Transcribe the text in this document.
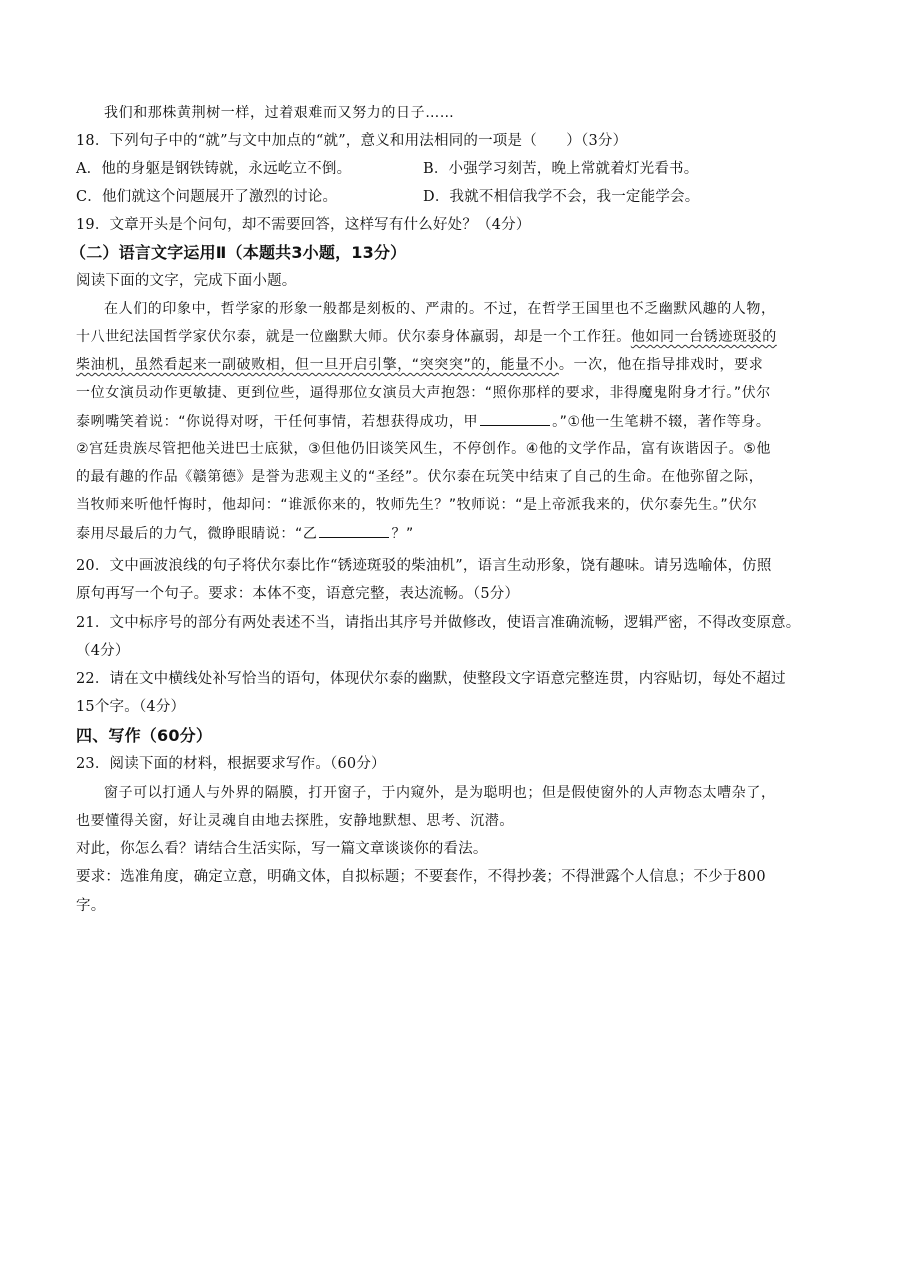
我们和那株黄荆树一样，过着艰难而又努力的日子……
18．下列句子中的“就”与文中加点的“就”，意义和用法相同的一项是（　　）（3分）
A．他的身躯是钢铁铸就，永远屹立不倒。	B．小强学习刻苦，晚上常就着灯光看书。
C．他们就这个问题展开了激烈的讨论。	D．我就不相信我学不会，我一定能学会。
19．文章开头是个问句，却不需要回答，这样写有什么好处？（4分）
（二）语言文字运用Ⅱ（本题共3小题，13分）
阅读下面的文字，完成下面小题。
在人们的印象中，哲学家的形象一般都是刻板的、严肃的。不过，在哲学王国里也不乏幽默风趣的人物，
十八世纪法国哲学家伏尔泰，就是一位幽默大师。伏尔泰身体羸弱，却是一个工作狂。他如同一台锈迹斑驳的
柴油机，虽然看起来一副破败相，但一旦开启引擎，“突突突”的，能量不小。一次，他在指导排戏时，要求
一位女演员动作更敏捷、更到位些，逼得那位女演员大声抱怨：“照你那样的要求，非得魔鬼附身才行。”伏尔
泰咧嘴笑着说：“你说得对呀，干任何事情，若想获得成功，甲	。”①他一生笔耕不辍，著作等身。
②宫廷贵族尽管把他关进巴士底狱，③但他仍旧谈笑风生，不停创作。④他的文学作品，富有诙谐因子。⑤他
的最有趣的作品《赣第德》是誉为悲观主义的“圣经”。伏尔泰在玩笑中结束了自己的生命。在他弥留之际，
当牧师来听他忏悔时，他却问：“谁派你来的，牧师先生？”牧师说：“是上帝派我来的，伏尔泰先生。”伏尔
泰用尽最后的力气，微睁眼睛说：“乙	？”
20．文中画波浪线的句子将伏尔泰比作“锈迹斑驳的柴油机”，语言生动形象，饶有趣味。请另选喻体，仿照
原句再写一个句子。要求：本体不变，语意完整，表达流畅。（5分）
21．文中标序号的部分有两处表述不当，请指出其序号并做修改，使语言准确流畅，逻辑严密，不得改变原意。
（4分）
22．请在文中横线处补写恰当的语句，体现伏尔泰的幽默，使整段文字语意完整连贯，内容贴切，每处不超过
15个字。（4分）
四、写作（60分）
23．阅读下面的材料，根据要求写作。（60分）
窗子可以打通人与外界的隔膜，打开窗子，于内窥外，是为聪明也；但是假使窗外的人声物态太嘈杂了，
也要懂得关窗，好让灵魂自由地去探胜，安静地默想、思考、沉潜。
对此，你怎么看？请结合生活实际，写一篇文章谈谈你的看法。
要求：选准角度，确定立意，明确文体，自拟标题；不要套作，不得抄袭；不得泄露个人信息；不少于800
字。
